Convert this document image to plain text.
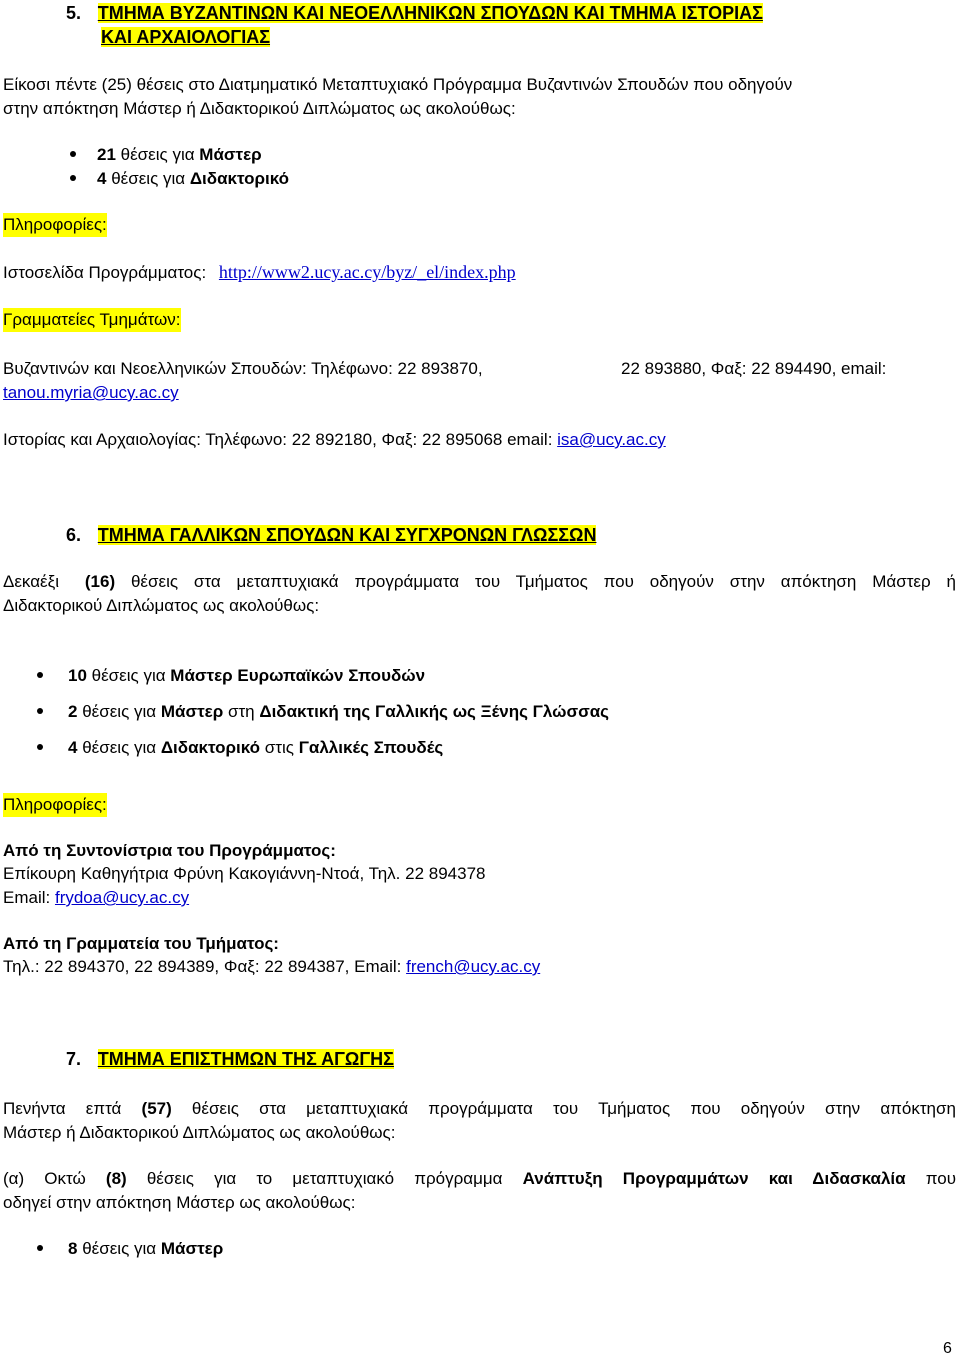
5. ΤΜΗΜΑ ΒΥΖΑΝΤΙΝΩΝ ΚΑΙ ΝΕΟΕΛΛΗΝΙΚΩΝ ΣΠΟΥΔΩΝ ΚΑΙ ΤΜΗΜΑ ΙΣΤΟΡΙΑΣ
ΚΑΙ ΑΡΧΑΙΟΛΟΓΙΑΣ
Είκοσι πέντε (25) θέσεις στο Διατμηματικό Μεταπτυχιακό Πρόγραμμα Βυζαντινών Σπουδών που οδηγούν
στην απόκτηση Μάστερ ή Διδακτορικού Διπλώματος ως ακολούθως:
21 θέσεις για Μάστερ
4 θέσεις για Διδακτορικό
Πληροφορίες:
Ιστοσελίδα Προγράμματος: http://www2.ucy.ac.cy/byz/_el/index.php
Γραμματείες Τμημάτων:
Βυζαντινών και Νεοελληνικών Σπουδών: Τηλέφωνο: 22 893870,	22 893880, Φαξ: 22 894490, email:
tanou.myria@ucy.ac.cy
Ιστορίας και Αρχαιολογίας: Τηλέφωνο: 22 892180, Φαξ: 22 895068 email: isa@ucy.ac.cy
6. ΤΜΗΜΑ ΓΑΛΛΙΚΩΝ ΣΠΟΥΔΩΝ ΚΑΙ ΣΥΓΧΡΟΝΩΝ ΓΛΩΣΣΩΝ
Δεκαέξι (16) θέσεις στα μεταπτυχιακά προγράμματα του Τμήματος που οδηγούν στην απόκτηση Μάστερ ή
Διδακτορικού Διπλώματος ως ακολούθως:
10 θέσεις για Μάστερ Ευρωπαϊκών Σπουδών
2 θέσεις για Μάστερ στη Διδακτική της Γαλλικής ως Ξένης Γλώσσας
4 θέσεις για Διδακτορικό στις Γαλλικές Σπουδές
Πληροφορίες:
Από τη Συντονίστρια του Προγράμματος:
Επίκουρη Καθηγήτρια Φρύνη Κακογιάννη-Ντοά, Τηλ. 22 894378
Email: frydoa@ucy.ac.cy
Από τη Γραμματεία του Τμήματος:
Τηλ.: 22 894370, 22 894389, Φαξ: 22 894387, Email: french@ucy.ac.cy
7. ΤΜΗΜΑ ΕΠΙΣΤΗΜΩΝ ΤΗΣ ΑΓΩΓΗΣ
Πενήντα επτά (57) θέσεις στα μεταπτυχιακά προγράμματα του Τμήματος που οδηγούν στην απόκτηση
Μάστερ ή Διδακτορικού Διπλώματος ως ακολούθως:
(α) Οκτώ (8) θέσεις για το μεταπτυχιακό πρόγραμμα Ανάπτυξη Προγραμμάτων και Διδασκαλία που
οδηγεί στην απόκτηση Μάστερ ως ακολούθως:
8 θέσεις για Μάστερ
6
